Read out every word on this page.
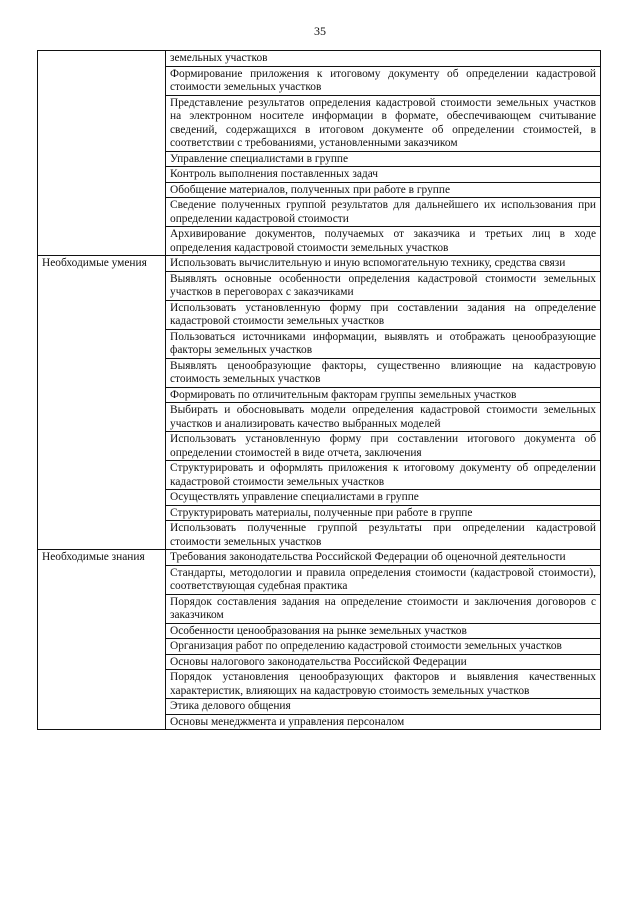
35
	земельных участков
	Формирование приложения к итоговому документу об определении кадастровой стоимости земельных участков
	Представление результатов определения кадастровой стоимости земельных участков на электронном носителе информации в формате, обеспечивающем считывание сведений, содержащихся в итоговом документе об определении стоимостей, в соответствии с требованиями, установленными заказчиком
	Управление специалистами в группе
	Контроль выполнения поставленных задач
	Обобщение материалов, полученных при работе в группе
	Сведение полученных группой результатов для дальнейшего их использования при определении кадастровой стоимости
	Архивирование документов, получаемых от заказчика и третьих лиц в ходе определения кадастровой стоимости земельных участков
Необходимые умения	Использовать вычислительную и иную вспомогательную технику, средства связи
	Выявлять основные особенности определения кадастровой стоимости земельных участков в переговорах с заказчиками
	Использовать установленную форму при составлении задания на определение кадастровой стоимости земельных участков
	Пользоваться источниками информации, выявлять и отображать ценообразующие факторы земельных участков
	Выявлять ценообразующие факторы, существенно влияющие на кадастровую стоимость земельных участков
	Формировать по отличительным факторам группы земельных участков
	Выбирать и обосновывать модели определения кадастровой стоимости земельных участков и анализировать качество выбранных моделей
	Использовать установленную форму при составлении итогового документа об определении стоимостей в виде отчета, заключения
	Структурировать и оформлять приложения к итоговому документу об определении кадастровой стоимости земельных участков
	Осуществлять управление специалистами в группе
	Структурировать материалы, полученные при работе в группе
	Использовать полученные группой результаты при определении кадастровой стоимости земельных участков
Необходимые знания	Требования законодательства Российской Федерации об оценочной деятельности
	Стандарты, методологии и правила определения стоимости (кадастровой стоимости), соответствующая судебная практика
	Порядок составления задания на определение стоимости и заключения договоров с заказчиком
	Особенности ценообразования на рынке земельных участков
	Организация работ по определению кадастровой стоимости земельных участков
	Основы налогового законодательства Российской Федерации
	Порядок установления ценообразующих факторов и выявления качественных характеристик, влияющих на кадастровую стоимость земельных участков
	Этика делового общения
	Основы менеджмента и управления персоналом
